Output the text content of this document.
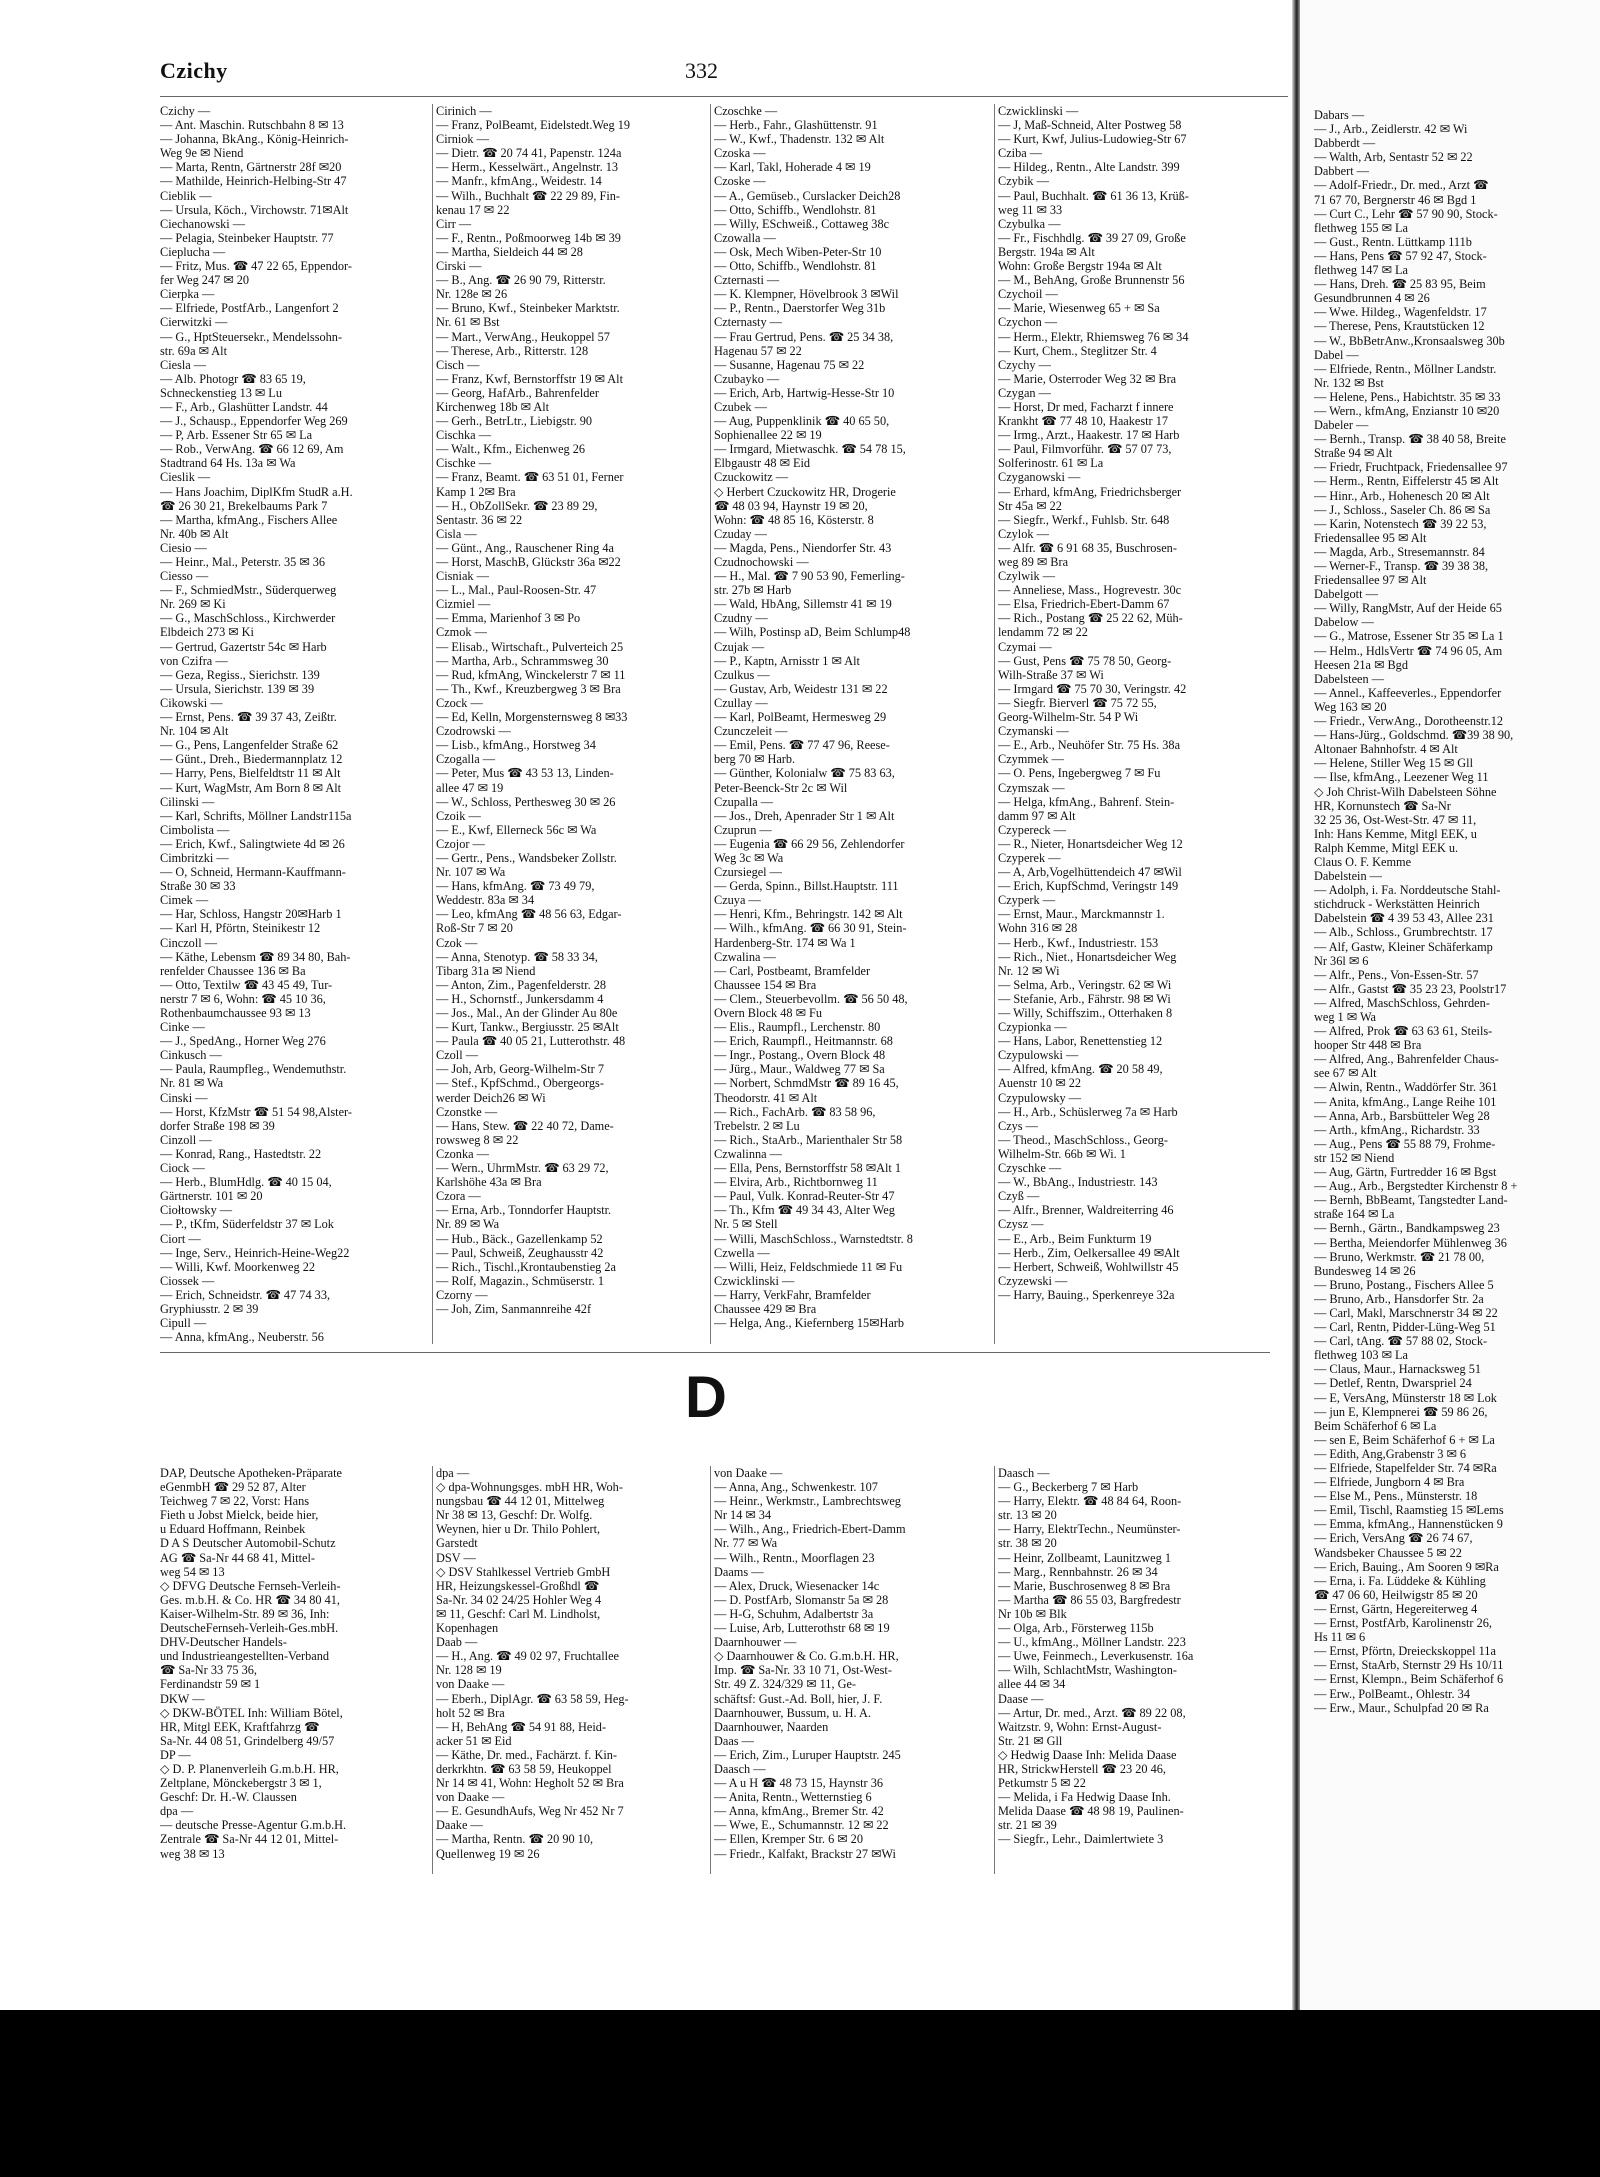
Czichy	332
Czichy —
— Ant. Maschin. Rutschbahn 8 ✉ 13
— Johanna, BkAng., König-Heinrich-
Weg 9e ✉ Niend
— Marta, Rentn, Gärtnerstr 28f ✉20
— Mathilde, Heinrich-Helbing-Str 47
Cieblik —
— Ursula, Köch., Virchowstr. 71✉Alt
Ciechanowski —
— Pelagia, Steinbeker Hauptstr. 77
Cieplucha —
— Fritz, Mus. ☎ 47 22 65, Eppendor-
fer Weg 247 ✉ 20
Cierpka —
— Elfriede, PostfArb., Langenfort 2
Cierwitzki —
— G., HptSteuersekr., Mendelssohn-
str. 69a ✉ Alt
Ciesla —
— Alb. Photogr ☎ 83 65 19,
Schneckenstieg 13 ✉ Lu
— F., Arb., Glashütter Landstr. 44
— J., Schausp., Eppendorfer Weg 269
— P, Arb. Essener Str 65 ✉ La
— Rob., VerwAng. ☎ 66 12 69, Am
Stadtrand 64 Hs. 13a ✉ Wa
Cieslik —
— Hans Joachim, DiplKfm StudR a.H.
☎ 26 30 21, Brekelbaums Park 7
— Martha, kfmAng., Fischers Allee
Nr. 40b ✉ Alt
Ciesio —
— Heinr., Mal., Peterstr. 35 ✉ 36
Ciesso —
— F., SchmiedMstr., Süderquerweg
Nr. 269 ✉ Ki
— G., MaschSchloss., Kirchwerder
Elbdeich 273 ✉ Ki
— Gertrud, Gazertstr 54c ✉ Harb
von Czifra —
— Geza, Regiss., Sierichstr. 139
— Ursula, Sierichstr. 139 ✉ 39
Cikowski —
— Ernst, Pens. ☎ 39 37 43, Zeißtr.
Nr. 104 ✉ Alt
— G., Pens, Langenfelder Straße 62
— Günt., Dreh., Biedermannplatz 12
— Harry, Pens, Bielfeldtstr 11 ✉ Alt
— Kurt, WagMstr, Am Born 8 ✉ Alt
Cilinski —
— Karl, Schrifts, Möllner Landstr115a
Cimbolista —
— Erich, Kwf., Salingtwiete 4d ✉ 26
Cimbritzki —
— O, Schneid, Hermann-Kauffmann-
Straße 30 ✉ 33
Cimek —
— Har, Schloss, Hangstr 20✉Harb 1
— Karl H, Pförtn, Steinikestr 12
Cinczoll —
— Käthe, Lebensm ☎ 89 34 80, Bah-
renfelder Chaussee 136 ✉ Ba
— Otto, Textilw ☎ 43 45 49, Tur-
nerstr 7 ✉ 6, Wohn: ☎ 45 10 36,
Rothenbaumchaussee 93 ✉ 13
Cinke —
— J., SpedAng., Horner Weg 276
Cinkusch —
— Paula, Raumpfleg., Wendemuthstr.
Nr. 81 ✉ Wa
Cinski —
— Horst, KfzMstr ☎ 51 54 98,Alster-
dorfer Straße 198 ✉ 39
Cinzoll —
— Konrad, Rang., Hastedtstr. 22
Ciock —
— Herb., BlumHdlg. ☎ 40 15 04,
Gärtnerstr. 101 ✉ 20
Ciołtowsky —
— P., tKfm, Süderfeldstr 37 ✉ Lok
Ciort —
— Inge, Serv., Heinrich-Heine-Weg22
— Willi, Kwf. Moorkenweg 22
Ciossek —
— Erich, Schneidstr. ☎ 47 74 33,
Gryphiusstr. 2 ✉ 39
Cipull —
— Anna, kfmAng., Neuberstr. 56
Cirinich —
— Franz, PolBeamt, Eidelstedt.Weg 19
Cirniok —
— Dietr. ☎ 20 74 41, Papenstr. 124a
— Herm., Kesselwärt., Angelnstr. 13
— Manfr., kfmAng., Weidestr. 14
— Wilh., Buchhalt ☎ 22 29 89, Fin-
kenau 17 ✉ 22
Cirr —
— F., Rentn., Poßmoorweg 14b ✉ 39
— Martha, Sieldeich 44 ✉ 28
Cirski —
— B., Ang. ☎ 26 90 79, Ritterstr.
Nr. 128e ✉ 26
— Bruno, Kwf., Steinbeker Marktstr.
Nr. 61 ✉ Bst
— Mart., VerwAng., Heukoppel 57
— Therese, Arb., Ritterstr. 128
Cisch —
— Franz, Kwf, Bernstorffstr 19 ✉ Alt
— Georg, HafArb., Bahrenfelder
Kirchenweg 18b ✉ Alt
— Gerh., BetrLtr., Liebigstr. 90
Cischka —
— Walt., Kfm., Eichenweg 26
Cischke —
— Franz, Beamt. ☎ 63 51 01, Ferner
Kamp 1 2✉ Bra
— H., ObZollSekr. ☎ 23 89 29,
Sentastr. 36 ✉ 22
Cisla —
— Günt., Ang., Rauschener Ring 4a
— Horst, MaschB, Glückstr 36a ✉22
Cisniak —
— L., Mal., Paul-Roosen-Str. 47
Cizmiel —
— Emma, Marienhof 3 ✉ Po
Czmok —
— Elisab., Wirtschaft., Pulverteich 25
— Martha, Arb., Schrammsweg 30
— Rud, kfmAng, Winckelerstr 7 ✉ 11
— Th., Kwf., Kreuzbergweg 3 ✉ Bra
Czock —
— Ed, Kelln, Morgensternsweg 8 ✉33
Czodrowski —
— Lisb., kfmAng., Horstweg 34
Czogalla —
— Peter, Mus ☎ 43 53 13, Linden-
allee 47 ✉ 19
— W., Schloss, Perthesweg 30 ✉ 26
Czoik —
— E., Kwf, Ellerneck 56c ✉ Wa
Czojor —
— Gertr., Pens., Wandsbeker Zollstr.
Nr. 107 ✉ Wa
— Hans, kfmAng. ☎ 73 49 79,
Weddestr. 83a ✉ 34
— Leo, kfmAng ☎ 48 56 63, Edgar-
Roß-Str 7 ✉ 20
Czok —
— Anna, Stenotyp. ☎ 58 33 34,
Tibarg 31a ✉ Niend
— Anton, Zim., Pagenfelderstr. 28
— H., Schornstf., Junkersdamm 4
— Jos., Mal., An der Glinder Au 80e
— Kurt, Tankw., Bergiusstr. 25 ✉Alt
— Paula ☎ 40 05 21, Lutterothstr. 48
Czoll —
— Joh, Arb, Georg-Wilhelm-Str 7
— Stef., KpfSchmd., Obergeorgs-
werder Deich26 ✉ Wi
Czonstke —
— Hans, Stew. ☎ 22 40 72, Dame-
rowsweg 8 ✉ 22
Czonka —
— Wern., UhrmMstr. ☎ 63 29 72,
Karlshöhe 43a ✉ Bra
Czora —
— Erna, Arb., Tonndorfer Hauptstr.
Nr. 89 ✉ Wa
— Hub., Bäck., Gazellenkamp 52
— Paul, Schweiß, Zeughausstr 42
— Rich., Tischl.,Krontaubenstieg 2a
— Rolf, Magazin., Schmüserstr. 1
Czorny —
— Joh, Zim, Sanmannreihe 42f
Czoschke —
— Herb., Fahr., Glashüttenstr. 91
— W., Kwf., Thadenstr. 132 ✉ Alt
Czoska —
— Karl, Takl, Hoherade 4 ✉ 19
Czoske —
— A., Gemüseb., Curslacker Deich28
— Otto, Schiffb., Wendlohstr. 81
— Willy, ESchweiß., Cottaweg 38c
Czowalla —
— Osk, Mech Wiben-Peter-Str 10
— Otto, Schiffb., Wendlohstr. 81
Czternasti —
— K. Klempner, Hövelbrook 3 ✉Wil
— P., Rentn., Daerstorfer Weg 31b
Czternasty —
— Frau Gertrud, Pens. ☎ 25 34 38,
Hagenau 57 ✉ 22
— Susanne, Hagenau 75 ✉ 22
Czubayko —
— Erich, Arb, Hartwig-Hesse-Str 10
Czubek —
— Aug, Puppenklinik ☎ 40 65 50,
Sophienallee 22 ✉ 19
— Irmgard, Mietwaschk. ☎ 54 78 15,
Elbgaustr 48 ✉ Eid
Czuckowitz —
◇ Herbert Czuckowitz HR, Drogerie
☎ 48 03 94, Haynstr 19 ✉ 20,
Wohn: ☎ 48 85 16, Kösterstr. 8
Czuday —
— Magda, Pens., Niendorfer Str. 43
Czudnochowski —
— H., Mal. ☎ 7 90 53 90, Femerling-
str. 27b ✉ Harb
— Wald, HbAng, Sillemstr 41 ✉ 19
Czudny —
— Wilh, Postinsp aD, Beim Schlump48
Czujak —
— P., Kaptn, Arnisstr 1 ✉ Alt
Czulkus —
— Gustav, Arb, Weidestr 131 ✉ 22
Czullay —
— Karl, PolBeamt, Hermesweg 29
Czunczeleit —
— Emil, Pens. ☎ 77 47 96, Reese-
berg 70 ✉ Harb.
— Günther, Kolonialw ☎ 75 83 63,
Peter-Beenck-Str 2c ✉ Wil
Czupalla —
— Jos., Dreh, Apenrader Str 1 ✉ Alt
Czuprun —
— Eugenia ☎ 66 29 56, Zehlendorfer
Weg 3c ✉ Wa
Czursiegel —
— Gerda, Spinn., Billst.Hauptstr. 111
Czuya —
— Henri, Kfm., Behringstr. 142 ✉ Alt
— Wilh., kfmAng. ☎ 66 30 91, Stein-
Hardenberg-Str. 174 ✉ Wa 1
Czwalina —
— Carl, Postbeamt, Bramfelder
Chaussee 154 ✉ Bra
— Clem., Steuerbevollm. ☎ 56 50 48,
Overn Block 48 ✉ Fu
— Elis., Raumpfl., Lerchenstr. 80
— Erich, Raumpfl., Heitmannstr. 68
— Ingr., Postang., Overn Block 48
— Jürg., Maur., Waldweg 77 ✉ Sa
— Norbert, SchmdMstr ☎ 89 16 45,
Theodorstr. 41 ✉ Alt
— Rich., FachArb. ☎ 83 58 96,
Trebelstr. 2 ✉ Lu
— Rich., StaArb., Marienthaler Str 58
Czwalinna —
— Ella, Pens, Bernstorffstr 58 ✉Alt 1
— Elvira, Arb., Richtbornweg 11
— Paul, Vulk. Konrad-Reuter-Str 47
— Th., Kfm ☎ 49 34 43, Alter Weg
Nr. 5 ✉ Stell
— Willi, MaschSchloss., Warnstedtstr. 8
Czwella —
— Willi, Heiz, Feldschmiede 11 ✉ Fu
Czwicklinski —
— Harry, VerkFahr, Bramfelder
Chaussee 429 ✉ Bra
— Helga, Ang., Kiefernberg 15✉Harb
Czwicklinski —
— J, Maß-Schneid, Alter Postweg 58
— Kurt, Kwf, Julius-Ludowieg-Str 67
Cziba —
— Hildeg., Rentn., Alte Landstr. 399
Czybik —
— Paul, Buchhalt. ☎ 61 36 13, Krüß-
weg 11 ✉ 33
Czybulka —
— Fr., Fischhdlg. ☎ 39 27 09, Große
Bergstr. 194a ✉ Alt
Wohn: Große Bergstr 194a ✉ Alt
— M., BehAng, Große Brunnenstr 56
Czychoil —
— Marie, Wiesenweg 65 + ✉ Sa
Czychon —
— Herm., Elektr, Rhiemsweg 76 ✉ 34
— Kurt, Chem., Steglitzer Str. 4
Czychy —
— Marie, Osterroder Weg 32 ✉ Bra
Czygan —
— Horst, Dr med, Facharzt f innere
Krankht ☎ 77 48 10, Haakestr 17
— Irmg., Arzt., Haakestr. 17 ✉ Harb
— Paul, Filmvorführ. ☎ 57 07 73,
Solferinostr. 61 ✉ La
Czyganowski —
— Erhard, kfmAng, Friedrichsberger
Str 45a ✉ 22
— Siegfr., Werkf., Fuhlsb. Str. 648
Czylok —
— Alfr. ☎ 6 91 68 35, Buschrosen-
weg 89 ✉ Bra
Czylwik —
— Anneliese, Mass., Hogrevestr. 30c
— Elsa, Friedrich-Ebert-Damm 67
— Rich., Postang ☎ 25 22 62, Müh-
lendamm 72 ✉ 22
Czymai —
— Gust, Pens ☎ 75 78 50, Georg-
Wilh-Straße 37 ✉ Wi
— Irmgard ☎ 75 70 30, Veringstr. 42
— Siegfr. Bierverl ☎ 75 72 55,
Georg-Wilhelm-Str. 54 P Wi
Czymanski —
— E., Arb., Neuhöfer Str. 75 Hs. 38a
Czymmek —
— O. Pens, Ingebergweg 7 ✉ Fu
Czymszak —
— Helga, kfmAng., Bahrenf. Stein-
damm 97 ✉ Alt
Czypereck —
— R., Nieter, Honartsdeicher Weg 12
Czyperek —
— A, Arb,Vogelhüttendeich 47 ✉Wil
— Erich, KupfSchmd, Veringstr 149
Czyperk —
— Ernst, Maur., Marckmannstr 1.
Wohn 316 ✉ 28
— Herb., Kwf., Industriestr. 153
— Rich., Niet., Honartsdeicher Weg
Nr. 12 ✉ Wi
— Selma, Arb., Veringstr. 62 ✉ Wi
— Stefanie, Arb., Fährstr. 98 ✉ Wi
— Willy, Schiffszim., Otterhaken 8
Czypionka —
— Hans, Labor, Renettenstieg 12
Czypulowski —
— Alfred, kfmAng. ☎ 20 58 49,
Auenstr 10 ✉ 22
Czypulowsky —
— H., Arb., Schüslerweg 7a ✉ Harb
Czys —
— Theod., MaschSchloss., Georg-
Wilhelm-Str. 66b ✉ Wi. 1
Czyschke —
— W., BbAng., Industriestr. 143
Czyß —
— Alfr., Brenner, Waldreiterring 46
Czysz —
— E., Arb., Beim Funkturm 19
— Herb., Zim, Oelkersallee 49 ✉Alt
— Herbert, Schweiß, Wohlwillstr 45
Czyzewski —
— Harry, Bauing., Sperkenreye 32a
D
DAP, Deutsche Apotheken-Präparate
eGenmbH ☎ 29 52 87, Alter
Teichweg 7 ✉ 22, Vorst: Hans
Fieth u Jobst Mielck, beide hier,
u Eduard Hoffmann, Reinbek
D A S Deutscher Automobil-Schutz
AG ☎ Sa-Nr 44 68 41, Mittel-
weg 54 ✉ 13
◇ DFVG Deutsche Fernseh-Verleih-
Ges. m.b.H. & Co. HR ☎ 34 80 41,
Kaiser-Wilhelm-Str. 89 ✉ 36, Inh:
DeutscheFernseh-Verleih-Ges.mbH.
DHV-Deutscher Handels-
und Industrieangestellten-Verband
☎ Sa-Nr 33 75 36,
Ferdinandstr 59 ✉ 1
DKW —
◇ DKW-BÖTEL Inh: William Bötel,
HR, Mitgl EEK, Kraftfahrzg ☎
Sa-Nr. 44 08 51, Grindelberg 49/57
DP —
◇ D. P. Planenverleih G.m.b.H. HR,
Zeltplane, Mönckebergstr 3 ✉ 1,
Geschf: Dr. H.-W. Claussen
dpa —
— deutsche Presse-Agentur G.m.b.H.
Zentrale ☎ Sa-Nr 44 12 01, Mittel-
weg 38 ✉ 13
dpa —
◇ dpa-Wohnungsges. mbH HR, Woh-
nungsbau ☎ 44 12 01, Mittelweg
Nr 38 ✉ 13, Geschf: Dr. Wolfg.
Weynen, hier u Dr. Thilo Pohlert,
Garstedt
DSV —
◇ DSV Stahlkessel Vertrieb GmbH
HR, Heizungskessel-Großhdl ☎
Sa-Nr. 34 02 24/25 Hohler Weg 4
✉ 11, Geschf: Carl M. Lindholst,
Kopenhagen
Daab —
— H., Ang. ☎ 49 02 97, Fruchtallee
Nr. 128 ✉ 19
von Daake —
— Eberh., DiplAgr. ☎ 63 58 59, Heg-
holt 52 ✉ Bra
— H, BehAng ☎ 54 91 88, Heid-
acker 51 ✉ Eid
— Käthe, Dr. med., Fachärzt. f. Kin-
derkrkhtn. ☎ 63 58 59, Heukoppel
Nr 14 ✉ 41, Wohn: Hegholt 52 ✉ Bra
von Daake —
— E. GesundhAufs, Weg Nr 452 Nr 7
Daake —
— Martha, Rentn. ☎ 20 90 10,
Quellenweg 19 ✉ 26
von Daake —
— Anna, Ang., Schwenkestr. 107
— Heinr., Werkmstr., Lambrechtsweg
Nr 14 ✉ 34
— Wilh., Ang., Friedrich-Ebert-Damm
Nr. 77 ✉ Wa
— Wilh., Rentn., Moorflagen 23
Daams —
— Alex, Druck, Wiesenacker 14c
— D. PostfArb, Slomanstr 5a ✉ 28
— H-G, Schuhm, Adalbertstr 3a
— Luise, Arb, Lutterothstr 68 ✉ 19
Daarnhouwer —
◇ Daarnhouwer & Co. G.m.b.H. HR,
Imp. ☎ Sa-Nr. 33 10 71, Ost-West-
Str. 49 Z. 324/329 ✉ 11, Ge-
schäftsf: Gust.-Ad. Boll, hier, J. F.
Daarnhouwer, Bussum, u. H. A.
Daarnhouwer, Naarden
Daas —
— Erich, Zim., Luruper Hauptstr. 245
Daasch —
— A u H ☎ 48 73 15, Haynstr 36
— Anita, Rentn., Wetternstieg 6
— Anna, kfmAng., Bremer Str. 42
— Wwe, E., Schumannstr. 12 ✉ 22
— Ellen, Kremper Str. 6 ✉ 20
— Friedr., Kalfakt, Brackstr 27 ✉Wi
Daasch —
— G., Beckerberg 7 ✉ Harb
— Harry, Elektr. ☎ 48 84 64, Roon-
str. 13 ✉ 20
— Harry, ElektrTechn., Neumünster-
str. 38 ✉ 20
— Heinr, Zollbeamt, Launitzweg 1
— Marg., Rennbahnstr. 26 ✉ 34
— Marie, Buschrosenweg 8 ✉ Bra
— Martha ☎ 86 55 03, Bargfredestr
Nr 10b ✉ Blk
— Olga, Arb., Försterweg 115b
— U., kfmAng., Möllner Landstr. 223
— Uwe, Feinmech., Leverkusenstr. 16a
— Wilh, SchlachtMstr, Washington-
allee 44 ✉ 34
Daase —
— Artur, Dr. med., Arzt. ☎ 89 22 08,
Waitzstr. 9, Wohn: Ernst-August-
Str. 21 ✉ Gll
◇ Hedwig Daase Inh: Melida Daase
HR, StrickwHerstell ☎ 23 20 46,
Petkumstr 5 ✉ 22
— Melida, i Fa Hedwig Daase Inh.
Melida Daase ☎ 48 98 19, Paulinen-
str. 21 ✉ 39
— Siegfr., Lehr., Daimlertwiete 3
Dabars —
— J., Arb., Zeidlerstr. 42 ✉ Wi
Dabberdt —
— Walth, Arb, Sentastr 52 ✉ 22
Dabbert —
— Adolf-Friedr., Dr. med., Arzt ☎
71 67 70, Bergnerstr 46 ✉ Bgd 1
— Curt C., Lehr ☎ 57 90 90, Stock-
flethweg 155 ✉ La
— Gust., Rentn. Lüttkamp 111b
— Hans, Pens ☎ 57 92 47, Stock-
flethweg 147 ✉ La
— Hans, Dreh. ☎ 25 83 95, Beim
Gesundbrunnen 4 ✉ 26
— Wwe. Hildeg., Wagenfeldstr. 17
— Therese, Pens, Krautstücken 12
— W., BbBetrAnw.,Kronsaalsweg 30b
Dabel —
— Elfriede, Rentn., Möllner Landstr.
Nr. 132 ✉ Bst
— Helene, Pens., Habichtstr. 35 ✉ 33
— Wern., kfmAng, Enzianstr 10 ✉20
Dabeler —
— Bernh., Transp. ☎ 38 40 58, Breite
Straße 94 ✉ Alt
— Friedr, Fruchtpack, Friedensallee 97
— Herm., Rentn, Eiffelerstr 45 ✉ Alt
— Hinr., Arb., Hohenesch 20 ✉ Alt
— J., Schloss., Saseler Ch. 86 ✉ Sa
— Karin, Notenstech ☎ 39 22 53,
Friedensallee 95 ✉ Alt
— Magda, Arb., Stresemannstr. 84
— Werner-F., Transp. ☎ 39 38 38,
Friedensallee 97 ✉ Alt
Dabelgott —
— Willy, RangMstr, Auf der Heide 65
Dabelow —
— G., Matrose, Essener Str 35 ✉ La 1
— Helm., HdlsVertr ☎ 74 96 05, Am
Heesen 21a ✉ Bgd
Dabelsteen —
— Annel., Kaffeeverles., Eppendorfer
Weg 163 ✉ 20
— Friedr., VerwAng., Dorotheenstr.12
— Hans-Jürg., Goldschmd. ☎39 38 90,
Altonaer Bahnhofstr. 4 ✉ Alt
— Helene, Stiller Weg 15 ✉ Gll
— Ilse, kfmAng., Leezener Weg 11
◇ Joh Christ-Wilh Dabelsteen Söhne
HR, Kornunstech ☎ Sa-Nr
32 25 36, Ost-West-Str. 47 ✉ 11,
Inh: Hans Kemme, Mitgl EEK, u
Ralph Kemme, Mitgl EEK u.
Claus O. F. Kemme
Dabelstein —
— Adolph, i. Fa. Norddeutsche Stahl-
stichdruck - Werkstätten Heinrich
Dabelstein ☎ 4 39 53 43, Allee 231
— Alb., Schloss., Grumbrechtstr. 17
— Alf, Gastw, Kleiner Schäferkamp
Nr 36l ✉ 6
— Alfr., Pens., Von-Essen-Str. 57
— Alfr., Gastst ☎ 35 23 23, Poolstr17
— Alfred, MaschSchloss, Gehrden-
weg 1 ✉ Wa
— Alfred, Prok ☎ 63 63 61, Steils-
hooper Str 448 ✉ Bra
— Alfred, Ang., Bahrenfelder Chaus-
see 67 ✉ Alt
— Alwin, Rentn., Waddörfer Str. 361
— Anita, kfmAng., Lange Reihe 101
— Anna, Arb., Barsbütteler Weg 28
— Arth., kfmAng., Richardstr. 33
— Aug., Pens ☎ 55 88 79, Frohme-
str 152 ✉ Niend
— Aug, Gärtn, Furtredder 16 ✉ Bgst
— Aug., Arb., Bergstedter Kirchenstr 8 +
— Bernh, BbBeamt, Tangstedter Land-
straße 164 ✉ La
— Bernh., Gärtn., Bandkampsweg 23
— Bertha, Meiendorfer Mühlenweg 36
— Bruno, Werkmstr. ☎ 21 78 00,
Bundesweg 14 ✉ 26
— Bruno, Postang., Fischers Allee 5
— Bruno, Arb., Hansdorfer Str. 2a
— Carl, Makl, Marschnerstr 34 ✉ 22
— Carl, Rentn, Pidder-Lüng-Weg 51
— Carl, tAng. ☎ 57 88 02, Stock-
flethweg 103 ✉ La
— Claus, Maur., Harnacksweg 51
— Detlef, Rentn, Dwarspriel 24
— E, VersAng, Münsterstr 18 ✉ Lok
— jun E, Klempnerei ☎ 59 86 26,
Beim Schäferhof 6 ✉ La
— sen E, Beim Schäferhof 6 + ✉ La
— Edith, Ang,Grabenstr 3 ✉ 6
— Elfriede, Stapelfelder Str. 74 ✉Ra
— Elfriede, Jungborn 4 ✉ Bra
— Else M., Pens., Münsterstr. 18
— Emil, Tischl, Raamstieg 15 ✉Lems
— Emma, kfmAng., Hannenstücken 9
— Erich, VersAng ☎ 26 74 67,
Wandsbeker Chaussee 5 ✉ 22
— Erich, Bauing., Am Sooren 9 ✉Ra
— Erna, i. Fa. Lüddeke & Kühling
☎ 47 06 60, Heilwigstr 85 ✉ 20
— Ernst, Gärtn, Hegereiterweg 4
— Ernst, PostfArb, Karolinenstr 26,
Hs 11 ✉ 6
— Ernst, Pförtn, Dreieckskoppel 11a
— Ernst, StaArb, Sternstr 29 Hs 10/11
— Ernst, Klempn., Beim Schäferhof 6
— Erw., PolBeamt., Ohlestr. 34
— Erw., Maur., Schulpfad 20 ✉ Ra
